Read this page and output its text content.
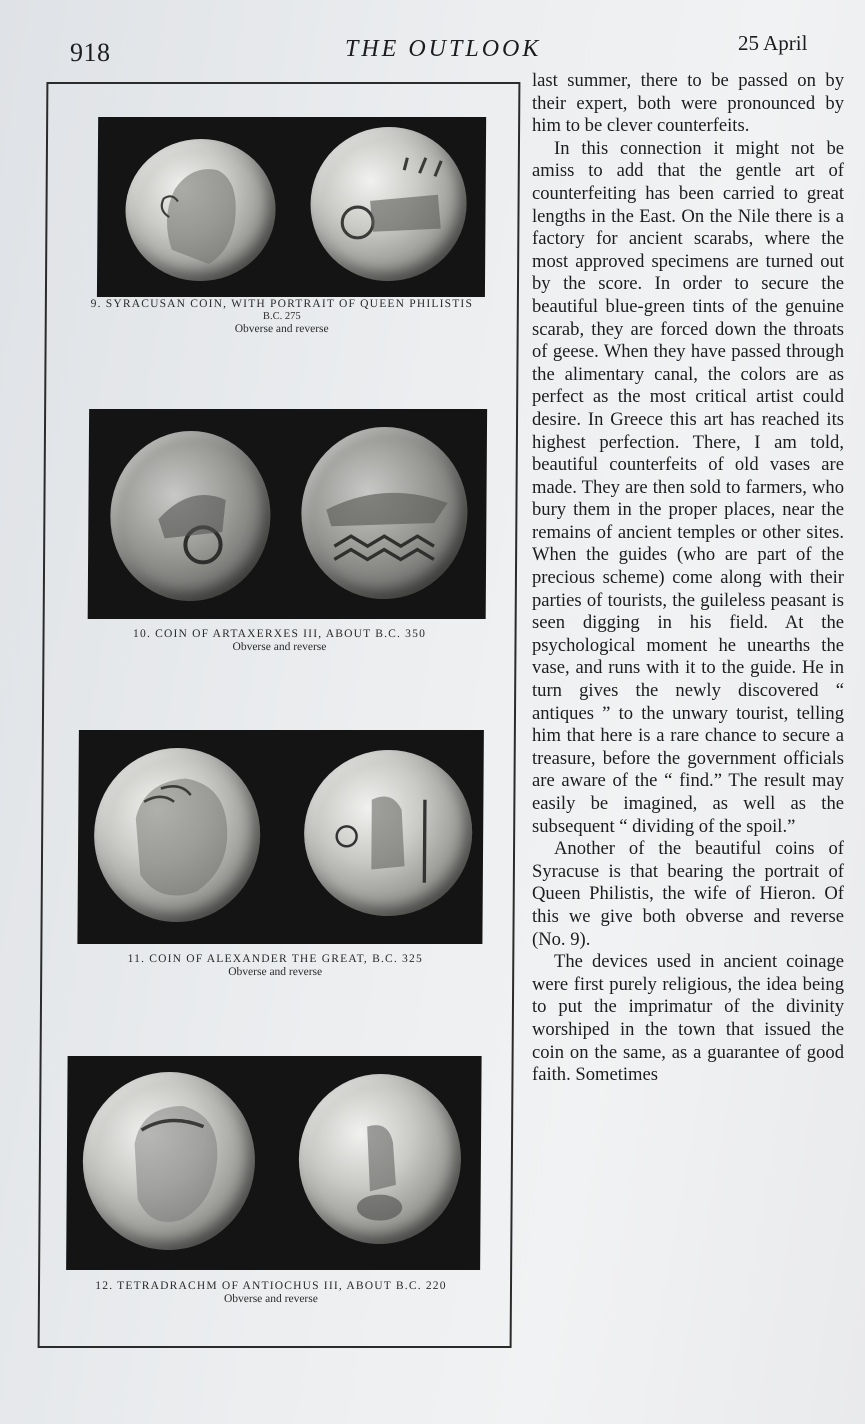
918	THE OUTLOOK	25 April
9. SYRACUSAN COIN, WITH PORTRAIT OF QUEEN PHILISTIS
B.C. 275
Obverse and reverse
10. COIN OF ARTAXERXES III, ABOUT B.C. 350
Obverse and reverse
11. COIN OF ALEXANDER THE GREAT, B.C. 325
Obverse and reverse
12. TETRADRACHM OF ANTIOCHUS III, ABOUT B.C. 220
Obverse and reverse

last summer, there to be passed on by their expert, both were pronounced by him to be clever counterfeits.

In this connection it might not be amiss to add that the gentle art of counterfeiting has been carried to great lengths in the East. On the Nile there is a factory for ancient scarabs, where the most approved specimens are turned out by the score. In order to secure the beautiful blue-green tints of the genuine scarab, they are forced down the throats of geese. When they have passed through the alimentary canal, the colors are as perfect as the most critical artist could desire. In Greece this art has reached its highest perfection. There, I am told, beautiful counterfeits of old vases are made. They are then sold to farmers, who bury them in the proper places, near the remains of ancient temples or other sites. When the guides (who are part of the precious scheme) come along with their parties of tourists, the guileless peasant is seen digging in his field. At the psychological moment he unearths the vase, and runs with it to the guide. He in turn gives the newly discovered “ antiques ” to the unwary tourist, telling him that here is a rare chance to secure a treasure, before the government officials are aware of the “ find.” The result may easily be imagined, as well as the subsequent “ dividing of the spoil.”

Another of the beautiful coins of Syracuse is that bearing the portrait of Queen Philistis, the wife of Hieron. Of this we give both obverse and reverse (No. 9).

The devices used in ancient coinage were first purely religious, the idea being to put the imprimatur of the divinity worshiped in the town that issued the coin on the same, as a guarantee of good faith. Sometimes
